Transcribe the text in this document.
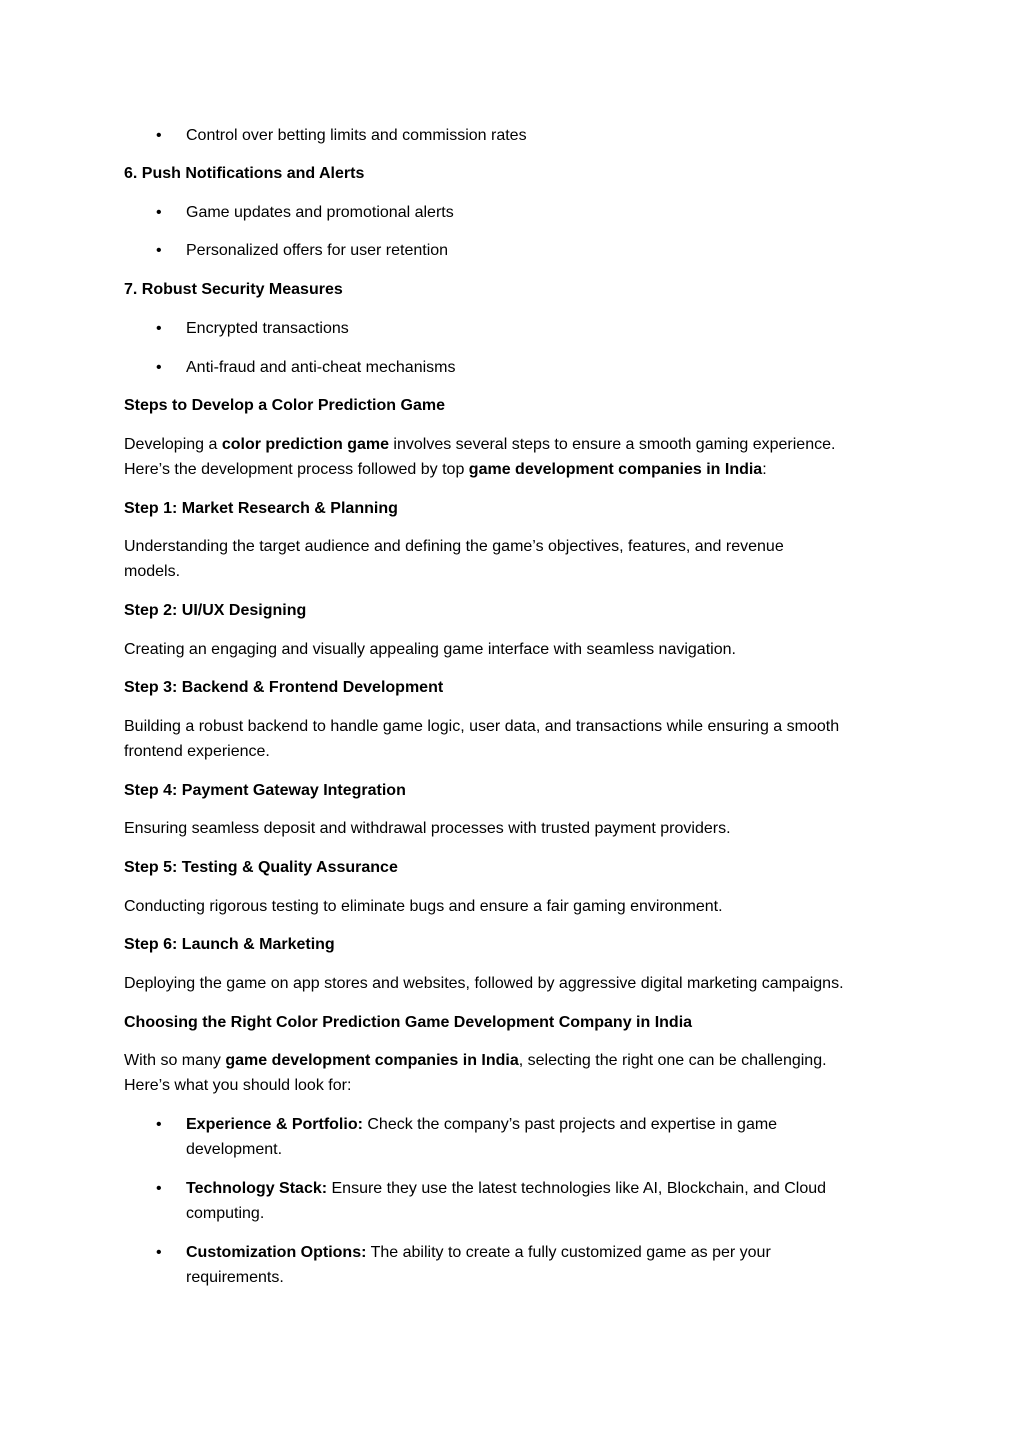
• Control over betting limits and commission rates

6. Push Notifications and Alerts

• Game updates and promotional alerts

• Personalized offers for user retention

7. Robust Security Measures

• Encrypted transactions

• Anti-fraud and anti-cheat mechanisms

Steps to Develop a Color Prediction Game

Developing a color prediction game involves several steps to ensure a smooth gaming experience.

Here’s the development process followed by top game development companies in India:

Step 1: Market Research & Planning

Understanding the target audience and defining the game’s objectives, features, and revenue

models.

Step 2: UI/UX Designing

Creating an engaging and visually appealing game interface with seamless navigation.

Step 3: Backend & Frontend Development

Building a robust backend to handle game logic, user data, and transactions while ensuring a smooth

frontend experience.

Step 4: Payment Gateway Integration

Ensuring seamless deposit and withdrawal processes with trusted payment providers.

Step 5: Testing & Quality Assurance

Conducting rigorous testing to eliminate bugs and ensure a fair gaming environment.

Step 6: Launch & Marketing

Deploying the game on app stores and websites, followed by aggressive digital marketing campaigns.

Choosing the Right Color Prediction Game Development Company in India

With so many game development companies in India, selecting the right one can be challenging.

Here’s what you should look for:

• Experience & Portfolio: Check the company’s past projects and expertise in game

development.

• Technology Stack: Ensure they use the latest technologies like AI, Blockchain, and Cloud

computing.

• Customization Options: The ability to create a fully customized game as per your

requirements.
